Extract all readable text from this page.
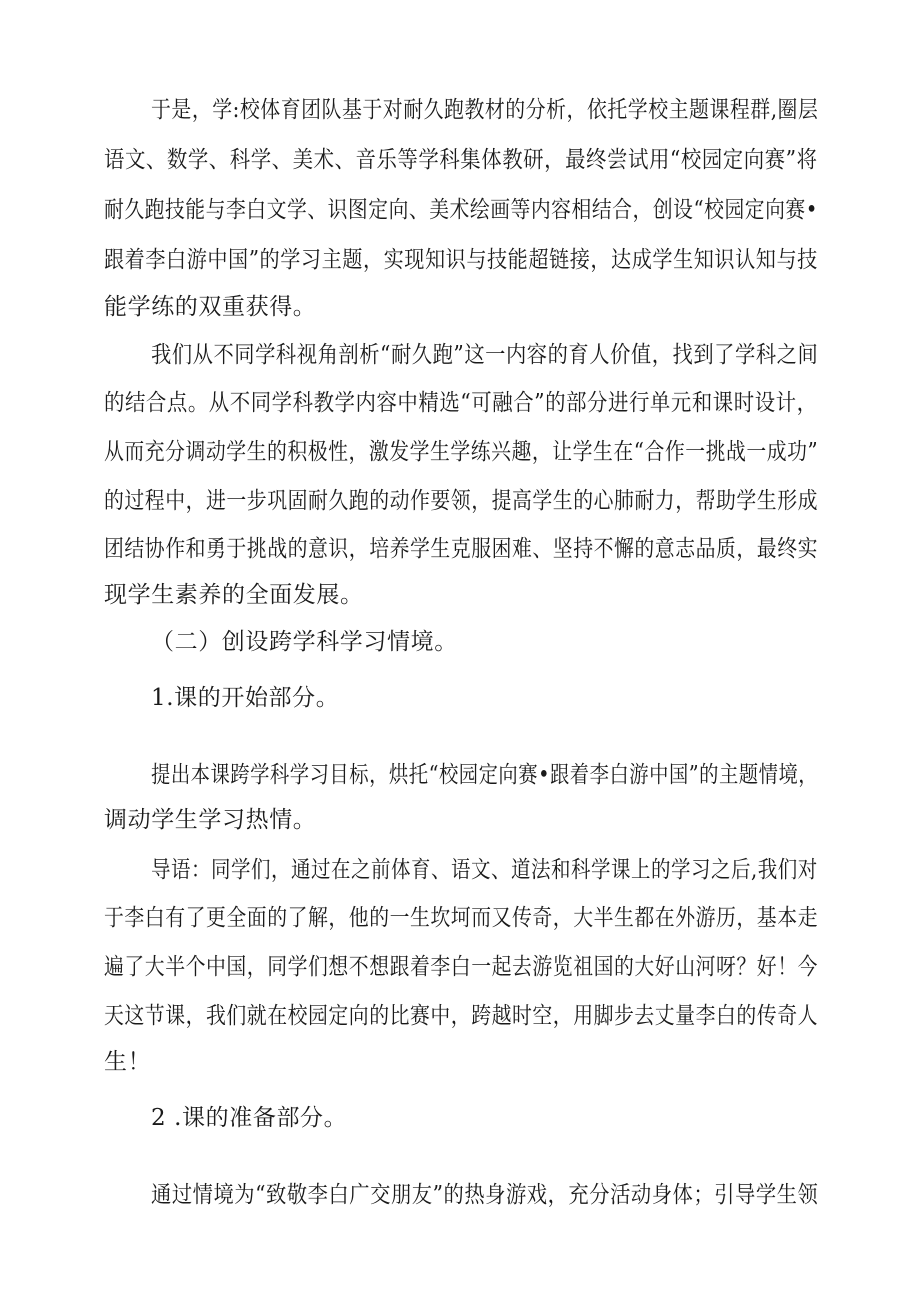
于是，学:校体育团队基于对耐久跑教材的分析，依托学校主题课程群,圈层
语文、数学、科学、美术、音乐等学科集体教研，最终尝试用“校园定向赛”将
耐久跑技能与李白文学、识图定向、美术绘画等内容相结合，创设“校园定向赛•
跟着李白游中国”的学习主题，实现知识与技能超链接，达成学生知识认知与技
能学练的双重获得。
我们从不同学科视角剖析“耐久跑”这一内容的育人价值，找到了学科之间
的结合点。从不同学科教学内容中精选“可融合”的部分进行单元和课时设计，
从而充分调动学生的积极性，激发学生学练兴趣，让学生在“合作一挑战一成功”
的过程中，进一步巩固耐久跑的动作要领，提高学生的心肺耐力，帮助学生形成
团结协作和勇于挑战的意识，培养学生克服困难、坚持不懈的意志品质，最终实
现学生素养的全面发展。
（二）创设跨学科学习情境。
1.课的开始部分。
提出本课跨学科学习目标，烘托“校园定向赛•跟着李白游中国”的主题情境，
调动学生学习热情。
导语：同学们，通过在之前体育、语文、道法和科学课上的学习之后,我们对
于李白有了更全面的了解，他的一生坎坷而又传奇，大半生都在外游历，基本走
遍了大半个中国，同学们想不想跟着李白一起去游览祖国的大好山河呀？好！今
天这节课，我们就在校园定向的比赛中，跨越时空，用脚步去丈量李白的传奇人
生！
2 .课的准备部分。
通过情境为“致敬李白广交朋友”的热身游戏，充分活动身体；引导学生领
